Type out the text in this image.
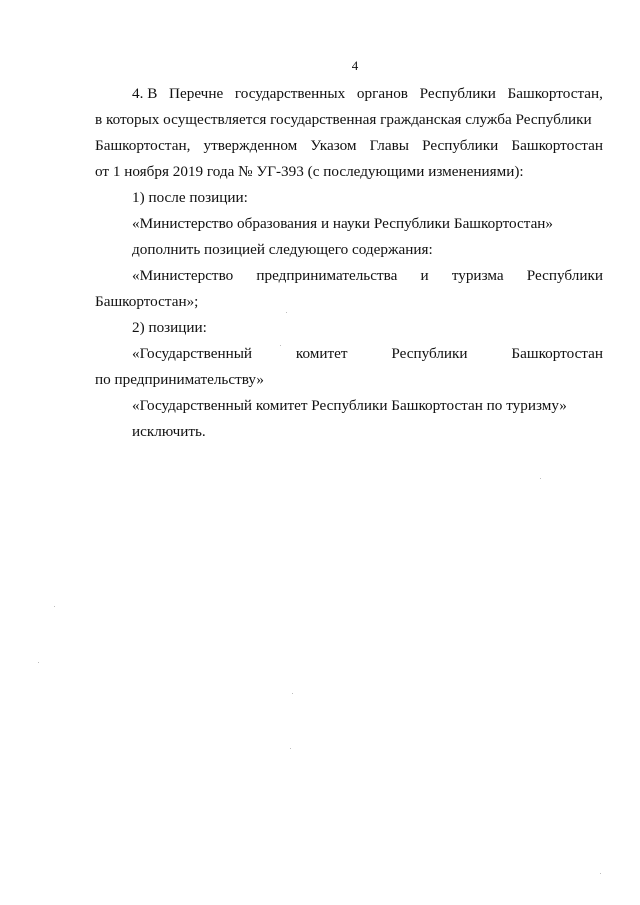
4
4. В Перечне государственных органов Республики Башкортостан,
в которых осуществляется государственная гражданская служба Республики
Башкортостан, утвержденном Указом Главы Республики Башкортостан
от 1 ноября 2019 года № УГ-393 (с последующими изменениями):
1) после позиции:
«Министерство образования и науки Республики Башкортостан»
дополнить позицией следующего содержания:
«Министерство предпринимательства и туризма Республики
Башкортостан»;
2) позиции:
«Государственный	комитет	Республики	Башкортостан
по предпринимательству»
«Государственный комитет Республики Башкортостан по туризму»
исключить.
